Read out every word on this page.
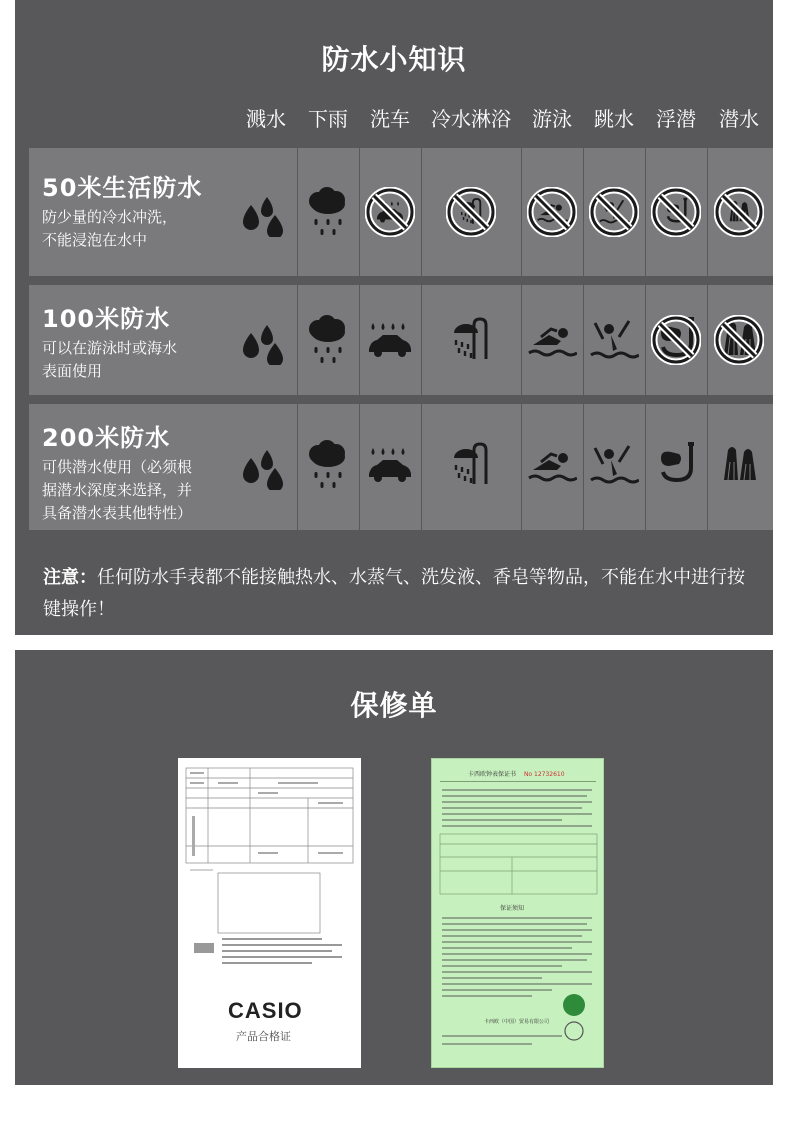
防水小知识
溅水	下雨	洗车	冷水淋浴	游泳	跳水	浮潜	潜水
50米生活防水
防少量的冷水冲洗，
不能浸泡在水中
100米防水
可以在游泳时或海水
表面使用
200米防水
可供潜水使用（必须根
据潜水深度来选择，并
具备潜水表其他特性）
注意：任何防水手表都不能接触热水、水蒸气、洗发液、香皂等物品，不能在水中进行按键操作！
保修单
CASIO
产品合格证
卡西欧钟表保证书 No 12732610
保证须知
卡西欧（中国）贸易有限公司
